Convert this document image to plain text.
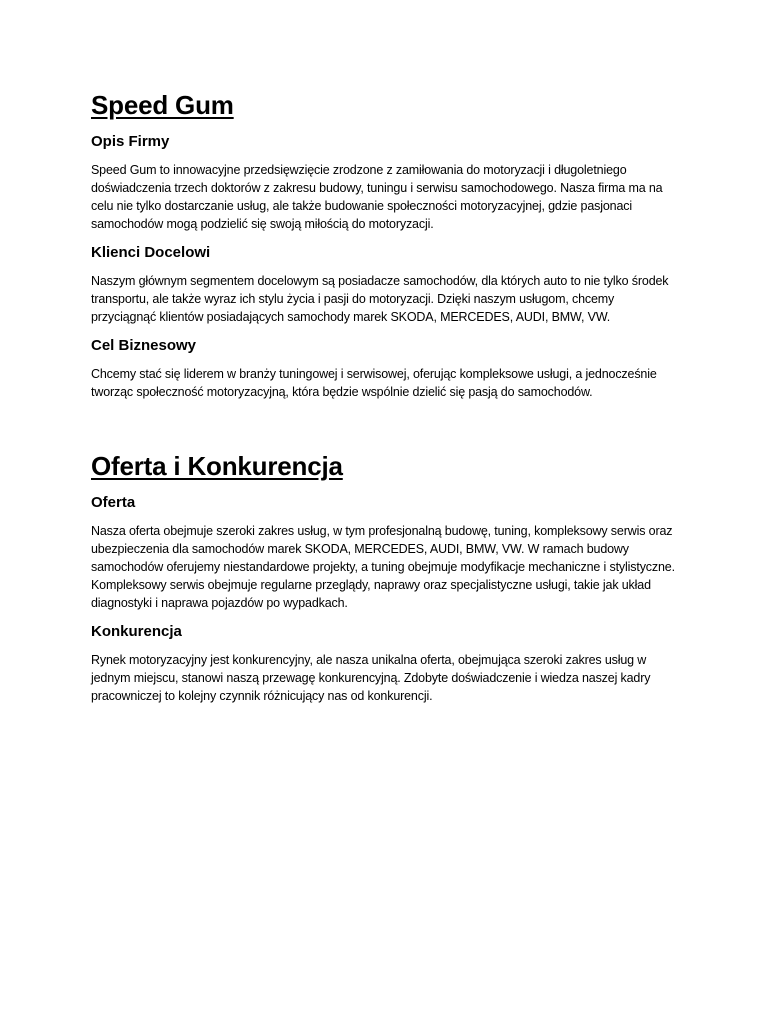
Speed Gum
Opis Firmy

Speed Gum to innowacyjne przedsięwzięcie zrodzone z zamiłowania do motoryzacji i długoletniego doświadczenia trzech doktorów z zakresu budowy, tuningu i serwisu samochodowego. Nasza firma ma na celu nie tylko dostarczanie usług, ale także budowanie społeczności motoryzacyjnej, gdzie pasjonaci samochodów mogą podzielić się swoją miłością do motoryzacji.

Klienci Docelowi

Naszym głównym segmentem docelowym są posiadacze samochodów, dla których auto to nie tylko środek transportu, ale także wyraz ich stylu życia i pasji do motoryzacji. Dzięki naszym usługom, chcemy przyciągnąć klientów posiadających samochody marek SKODA, MERCEDES, AUDI, BMW, VW.

Cel Biznesowy

Chcemy stać się liderem w branży tuningowej i serwisowej, oferując kompleksowe usługi, a jednocześnie tworząc społeczność motoryzacyjną, która będzie wspólnie dzielić się pasją do samochodów.

Oferta i Konkurencja
Oferta

Nasza oferta obejmuje szeroki zakres usług, w tym profesjonalną budowę, tuning, kompleksowy serwis oraz ubezpieczenia dla samochodów marek SKODA, MERCEDES, AUDI, BMW, VW. W ramach budowy samochodów oferujemy niestandardowe projekty, a tuning obejmuje modyfikacje mechaniczne i stylistyczne. Kompleksowy serwis obejmuje regularne przeglądy, naprawy oraz specjalistyczne usługi, takie jak układ diagnostyki i naprawa pojazdów po wypadkach.

Konkurencja

Rynek motoryzacyjny jest konkurencyjny, ale nasza unikalna oferta, obejmująca szeroki zakres usług w jednym miejscu, stanowi naszą przewagę konkurencyjną. Zdobyte doświadczenie i wiedza naszej kadry pracowniczej to kolejny czynnik różnicujący nas od konkurencji.
